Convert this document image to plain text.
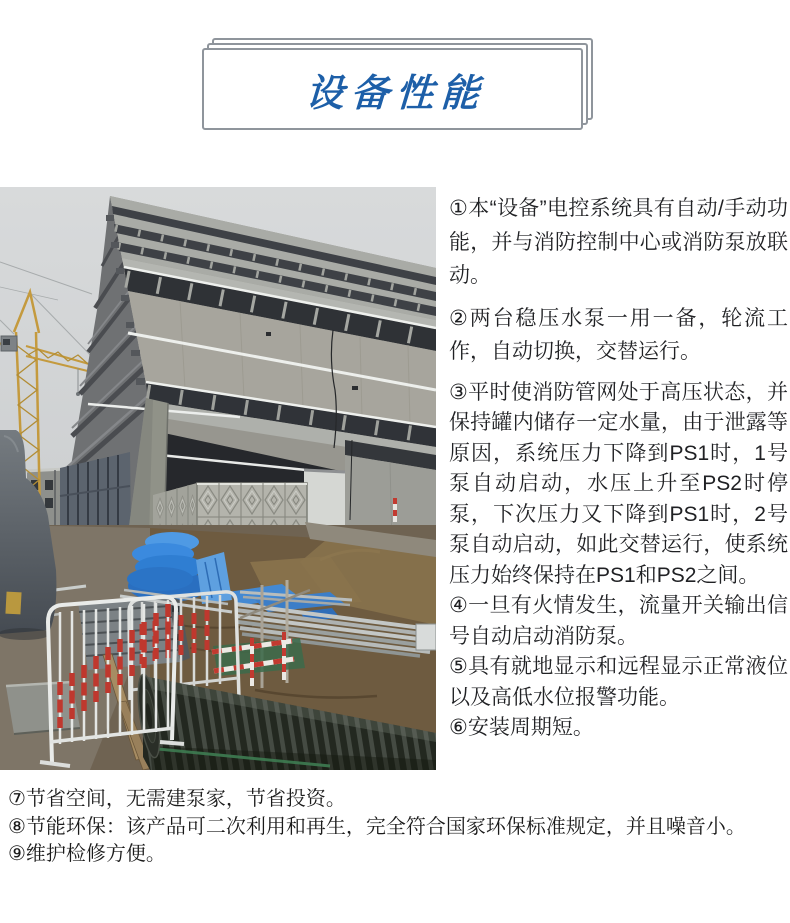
设备性能

①本“设备”电控系统具有自动/手动功能，并与消防控制中心或消防泵放联动。

②两台稳压水泵一用一备，轮流工作，自动切换，交替运行。

③平时使消防管网处于高压状态，并保持罐内储存一定水量，由于泄露等原因，系统压力下降到PS1时，1号泵自动启动，水压上升至PS2时停泵，下次压力又下降到PS1时，2号泵自动启动，如此交替运行，使系统压力始终保持在PS1和PS2之间。

④一旦有火情发生，流量开关输出信号自动启动消防泵。

⑤具有就地显示和远程显示正常液位以及高低水位报警功能。

⑥安装周期短。

⑦节省空间，无需建泵家，节省投资。

⑧节能环保：该产品可二次利用和再生，完全符合国家环保标准规定，并且噪音小。

⑨维护检修方便。
